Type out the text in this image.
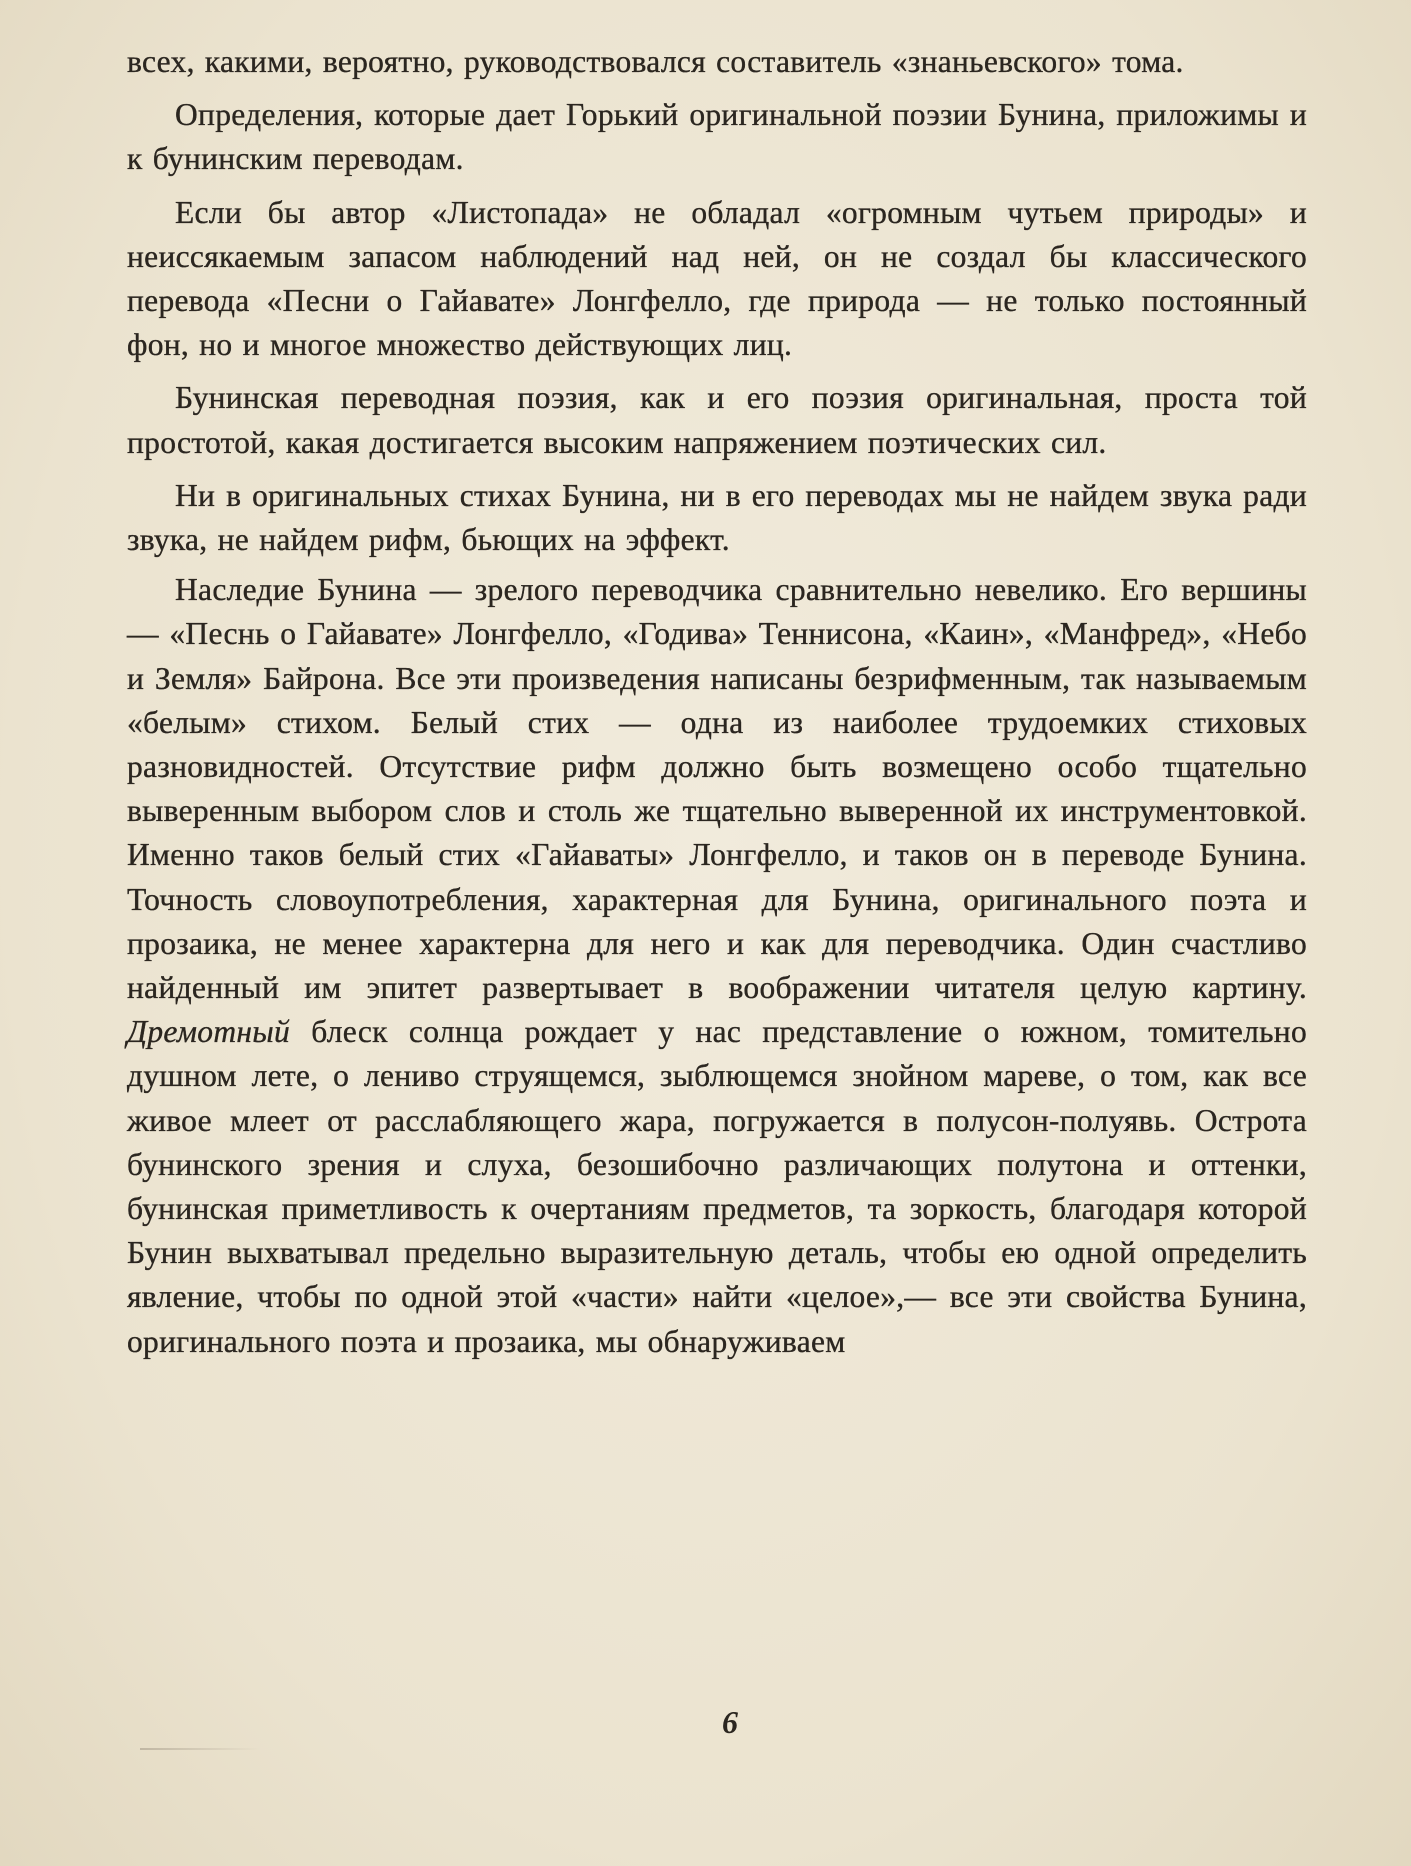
всех, какими, вероятно, руководствовался составитель «знаньевского» тома.

Определения, которые дает Горький оригинальной поэзии Бунина, приложимы и к бунинским переводам.

Если бы автор «Листопада» не обладал «огромным чутьем природы» и неиссякаемым запасом наблюдений над ней, он не создал бы классического перевода «Песни о Гайавате» Лонгфелло, где природа — не только постоянный фон, но и многое множество действующих лиц.

Бунинская переводная поэзия, как и его поэзия оригинальная, проста той простотой, какая достигается высоким напряжением поэтических сил.

Ни в оригинальных стихах Бунина, ни в его переводах мы не найдем звука ради звука, не найдем рифм, бьющих на эффект.

Наследие Бунина — зрелого переводчика сравнительно невелико. Его вершины — «Песнь о Гайавате» Лонгфелло, «Годива» Теннисона, «Каин», «Манфред», «Небо и Земля» Байрона. Все эти произведения написаны безрифменным, так называемым «белым» стихом. Белый стих — одна из наиболее трудоемких стиховых разновидностей. Отсутствие рифм должно быть возмещено особо тщательно выверенным выбором слов и столь же тщательно выверенной их инструментовкой. Именно таков белый стих «Гайаваты» Лонгфелло, и таков он в переводе Бунина. Точность словоупотребления, характерная для Бунина, оригинального поэта и прозаика, не менее характерна для него и как для переводчика. Один счастливо найденный им эпитет развертывает в воображении читателя целую картину. Дремотный блеск солнца рождает у нас представление о южном, томительно душном лете, о лениво струящемся, зыблющемся знойном мареве, о том, как все живое млеет от расслабляющего жара, погружается в полусон-полуявь. Острота бунинского зрения и слуха, безошибочно различающих полутона и оттенки, бунинская приметливость к очертаниям предметов, та зоркость, благодаря которой Бунин выхватывал предельно выразительную деталь, чтобы ею одной определить явление, чтобы по одной этой «части» найти «целое»,— все эти свойства Бунина, оригинального поэта и прозаика, мы обнаруживаем

6
